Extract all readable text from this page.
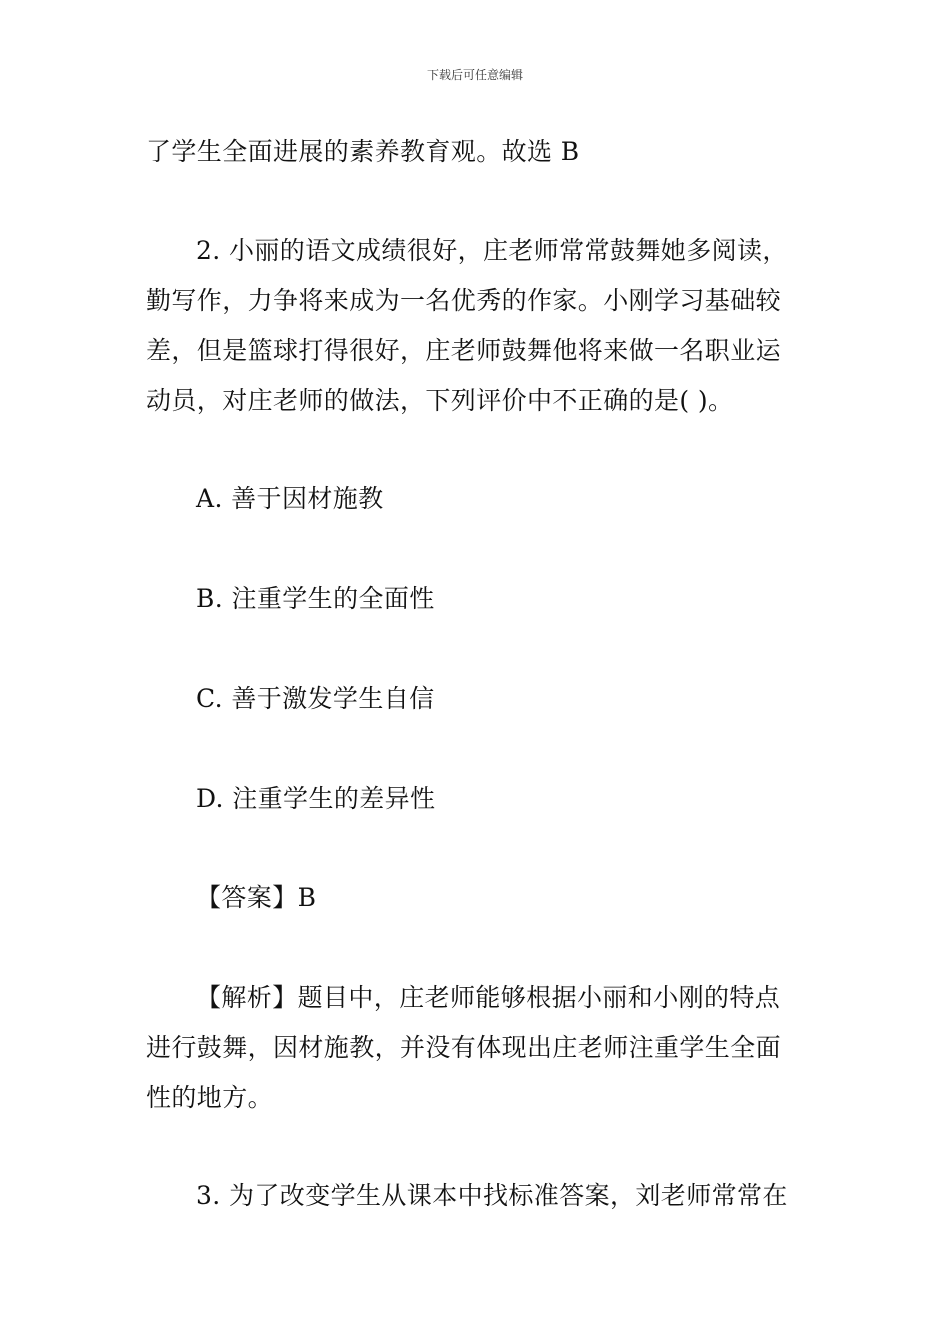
下载后可任意编辑
了学生全面进展的素养教育观。故选 B
2. 小丽的语文成绩很好，庄老师常常鼓舞她多阅读，
勤写作，力争将来成为一名优秀的作家。小刚学习基础较
差，但是篮球打得很好，庄老师鼓舞他将来做一名职业运
动员，对庄老师的做法，下列评价中不正确的是( )。
A. 善于因材施教
B. 注重学生的全面性
C. 善于激发学生自信
D. 注重学生的差异性
【答案】B
【解析】题目中，庄老师能够根据小丽和小刚的特点
进行鼓舞，因材施教，并没有体现出庄老师注重学生全面
性的地方。
3. 为了改变学生从课本中找标准答案，刘老师常常在
